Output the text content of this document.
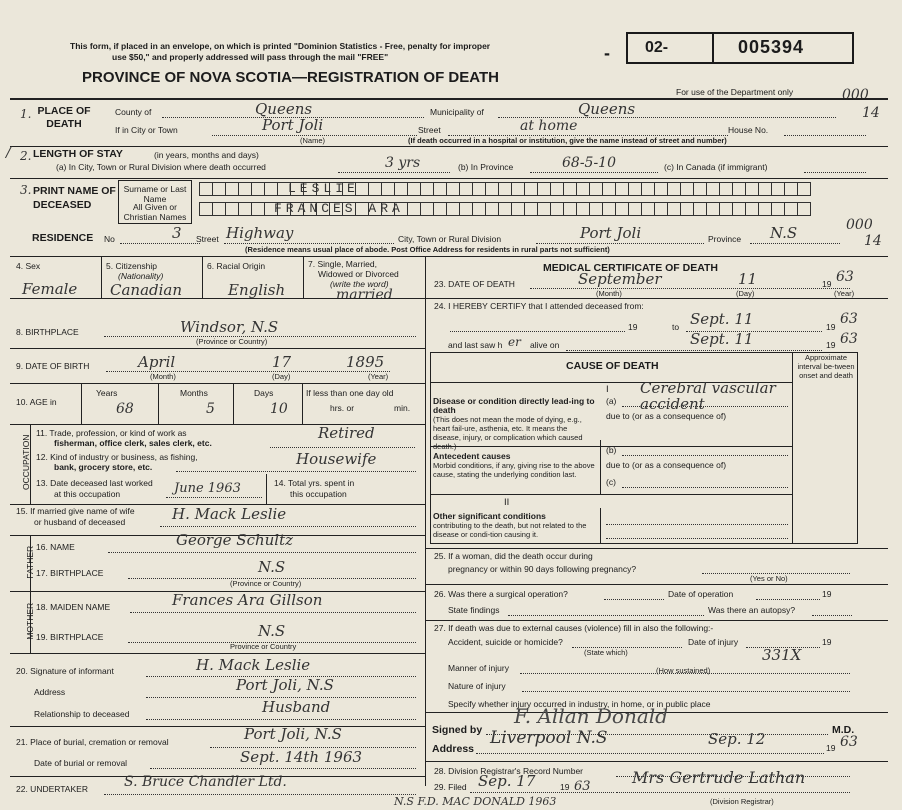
This form, if placed in an envelope, on which is printed "Dominion Statistics - Free, penalty for improper
use $50," and properly addressed will pass through the mail "FREE"
PROVINCE OF NOVA SCOTIA—REGISTRATION OF DEATH
- 02-	005394
For use of the Department only	000
14
1. PLACE OF DEATH
County of	Queens	Municipality of	Queens
If in City or Town	Port Joli
(Name)
Street	at home	House No.
(If death occurred in a hospital or institution, give the name instead of street and number)
/ 2. LENGTH OF STAY	(in years, months and days)
(a) In City, Town or Rural Division where death occurred	3 yrs	(b) In Province	68-5-10	(c) In Canada (if immigrant)
3. PRINT NAME OF DECEASED
Surname or Last Name
All Given or Christian Names
LESLIE
FRANCES ARA
RESIDENCE No	3 Street Highway	City, Town or Rural Division	Port Joli	Province N.S	000
14
(Residence means usual place of abode. Post Office Address for residents in rural parts not sufficient)
4. Sex
Female
5. Citizenship
(Nationality)
Canadian
6. Racial Origin
English
7. Single, Married,
Widowed or Divorced
(write the word)
married
8. BIRTHPLACE	Windsor, N.S
(Province or Country)
9. DATE OF BIRTH	April	17	1895
(Month)	(Day)	(Year)
10. AGE in
Years
68
Months
5
Days
10
If less than one day old
hrs. or	min.
OCCUPATION
11. Trade, profession, or kind of work as
fisherman, office clerk, sales clerk, etc.
Retired
12. Kind of industry or business, as fishing,
bank, grocery store, etc.	Housewife
13. Date deceased last worked
at this occupation	June 1963	14. Total yrs. spent in
this occupation
15. If married give name of wife
or husband of deceased	H. Mack Leslie
FATHER 16. NAME	George Schultz
17. BIRTHPLACE	N.S
(Province or Country)
MOTHER 18. MAIDEN NAME	Frances Ara Gillson
19. BIRTHPLACE	N.S
Province or Country
20. Signature of informant	H. Mack Leslie
Address	Port Joli, N.S
Relationship to deceased	Husband
21. Place of burial, cremation or removal	Port Joli, N.S
Date of burial or removal	Sept. 14th 1963
22. UNDERTAKER	S. Bruce Chandler Ltd.
N.S F.D. MAC DONALD 1963
MEDICAL CERTIFICATE OF DEATH
23. DATE OF DEATH	September	11	19 63
(Month)	(Day)	(Year)
24. I HEREBY CERTIFY that I attended deceased from:
19	to Sept. 11	19 63
and last saw h er alive on	Sept. 11	19 63
CAUSE OF DEATH
Approximate interval be-tween onset and death
I
Disease or condition directly lead-ing to death
(This does not mean the mode of dying, e.g., heart fail-ure, asthenia, etc. It means the disease, injury, or complication which caused death.)
(a)
Cerebral vascular accident
due to (or as a consequence of)
Antecedent causes
Morbid conditions, if any, giving rise to the above cause, stating the underlying condition last.
(b)
due to (or as a consequence of)
(c)
II
Other significant conditions
contributing to the death, but not related to the disease or condi-tion causing it.
25. If a woman, did the death occur during
pregnancy or within 90 days following pregnancy?
(Yes or No)
26. Was there a surgical operation?	Date of operation	19
State findings	Was there an autopsy?
27. If death was due to external causes (violence) fill in also the following:-
Accident, suicide or homicide?	Date of injury	19
(State which)
Manner of injury
331X
(How sustained)
Nature of injury
Specify whether injury occurred in industry, in home, or in public place
Signed by
F. Allan Donald
M.D.
Address
Liverpool N.S	Sep. 12	19 63
28. Division Registrar's Record Number
29. Filed Sep. 17	19 63	Mrs Gertrude Lathan
(Division Registrar)
